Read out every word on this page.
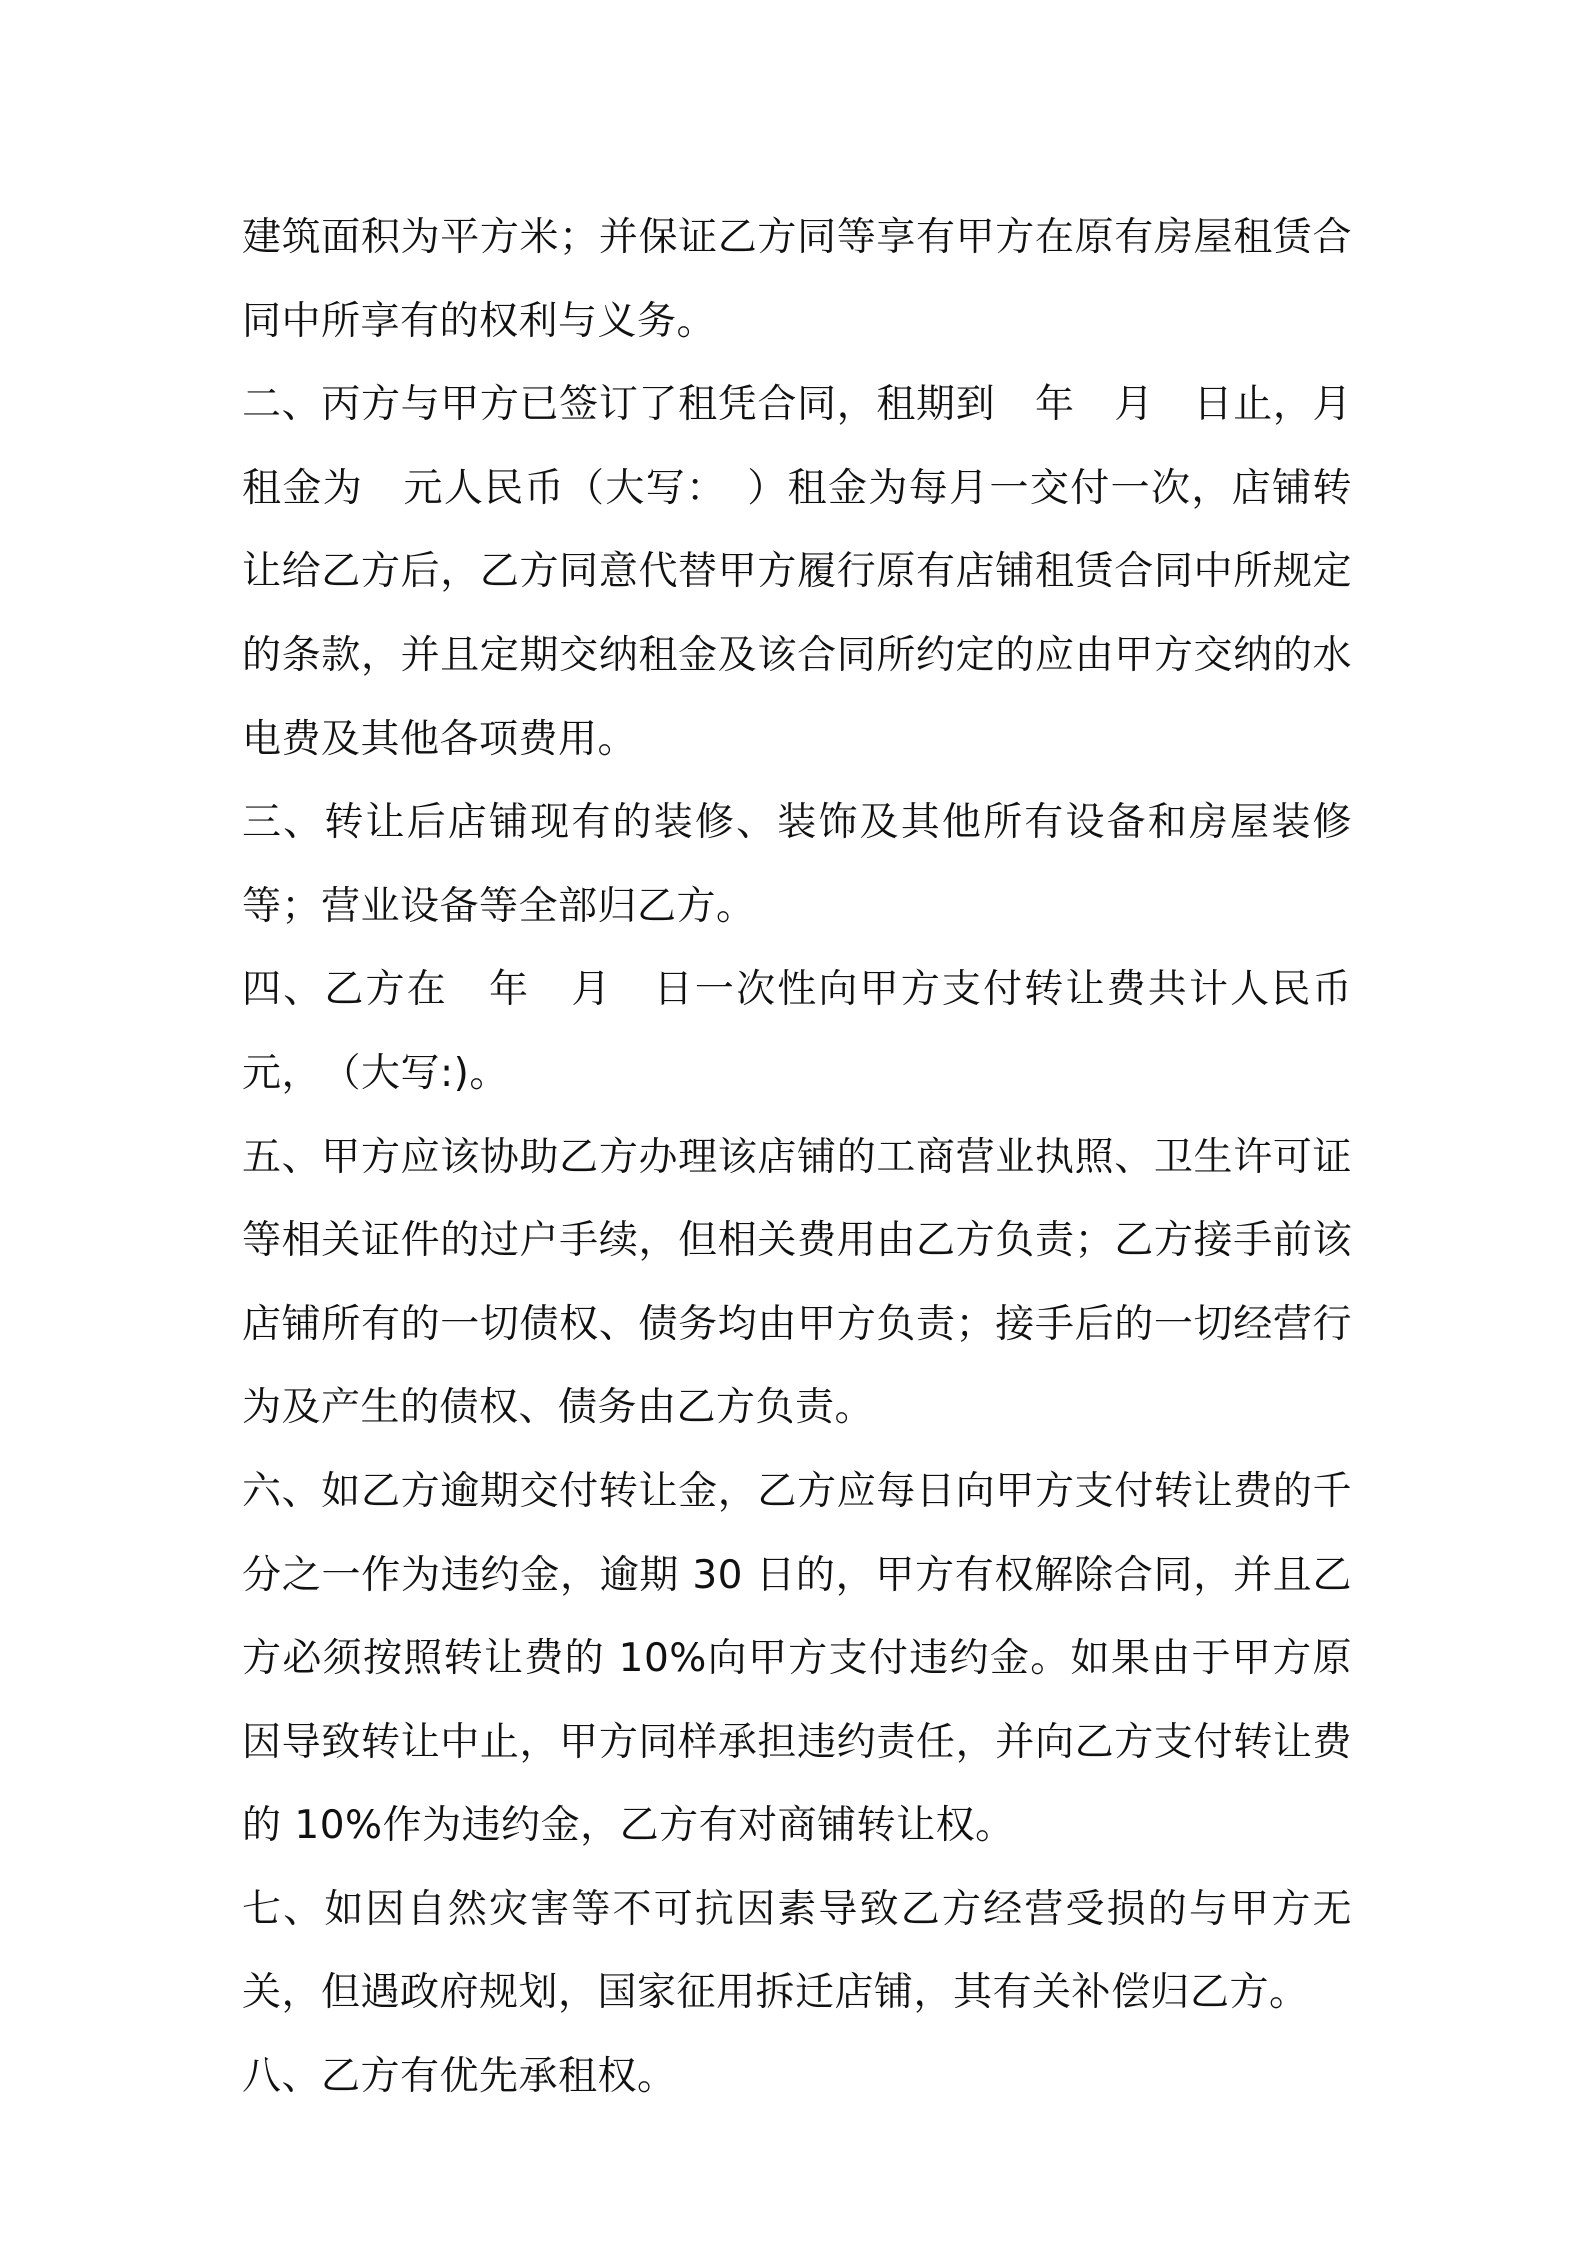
建筑面积为平方米；并保证乙方同等享有甲方在原有房屋租赁合同中所享有的权利与义务。

二、丙方与甲方已签订了租凭合同，租期到　年　月　日止，月租金为　元人民币（大写：　）租金为每月一交付一次，店铺转让给乙方后，乙方同意代替甲方履行原有店铺租赁合同中所规定的条款，并且定期交纳租金及该合同所约定的应由甲方交纳的水电费及其他各项费用。

三、转让后店铺现有的装修、装饰及其他所有设备和房屋装修等；营业设备等全部归乙方。

四、乙方在　年　月　日一次性向甲方支付转让费共计人民币元，　（大写:)。

五、甲方应该协助乙方办理该店铺的工商营业执照、卫生许可证等相关证件的过户手续，但相关费用由乙方负责；乙方接手前该店铺所有的一切债权、债务均由甲方负责；接手后的一切经营行为及产生的债权、债务由乙方负责。

六、如乙方逾期交付转让金，乙方应每日向甲方支付转让费的千分之一作为违约金，逾期 30 日的，甲方有权解除合同，并且乙方必须按照转让费的 10%向甲方支付违约金。如果由于甲方原因导致转让中止，甲方同样承担违约责任，并向乙方支付转让费的 10%作为违约金，乙方有对商铺转让权。

七、如因自然灾害等不可抗因素导致乙方经营受损的与甲方无关，但遇政府规划，国家征用拆迁店铺，其有关补偿归乙方。

八、乙方有优先承租权。
